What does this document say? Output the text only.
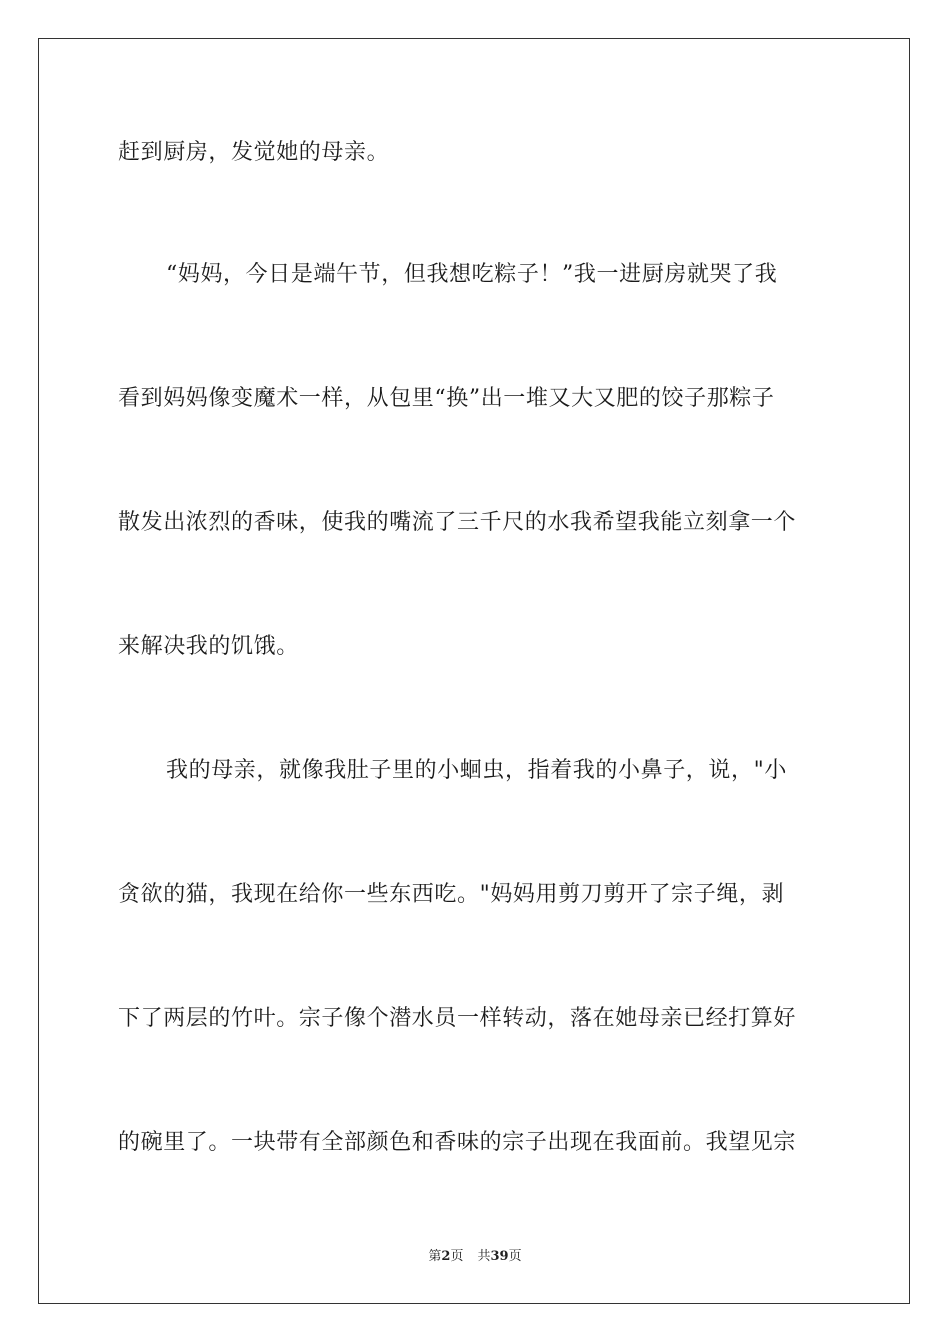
赶到厨房，发觉她的母亲。
“妈妈，今日是端午节，但我想吃粽子！”我一进厨房就哭了我
看到妈妈像变魔术一样，从包里“换”出一堆又大又肥的饺子那粽子
散发出浓烈的香味，使我的嘴流了三千尺的水我希望我能立刻拿一个
来解决我的饥饿。
我的母亲，就像我肚子里的小蛔虫，指着我的小鼻子，说，"小
贪欲的猫，我现在给你一些东西吃。"妈妈用剪刀剪开了宗子绳，剥
下了两层的竹叶。宗子像个潜水员一样转动，落在她母亲已经打算好
的碗里了。一块带有全部颜色和香味的宗子出现在我面前。我望见宗
第2页 共39页
